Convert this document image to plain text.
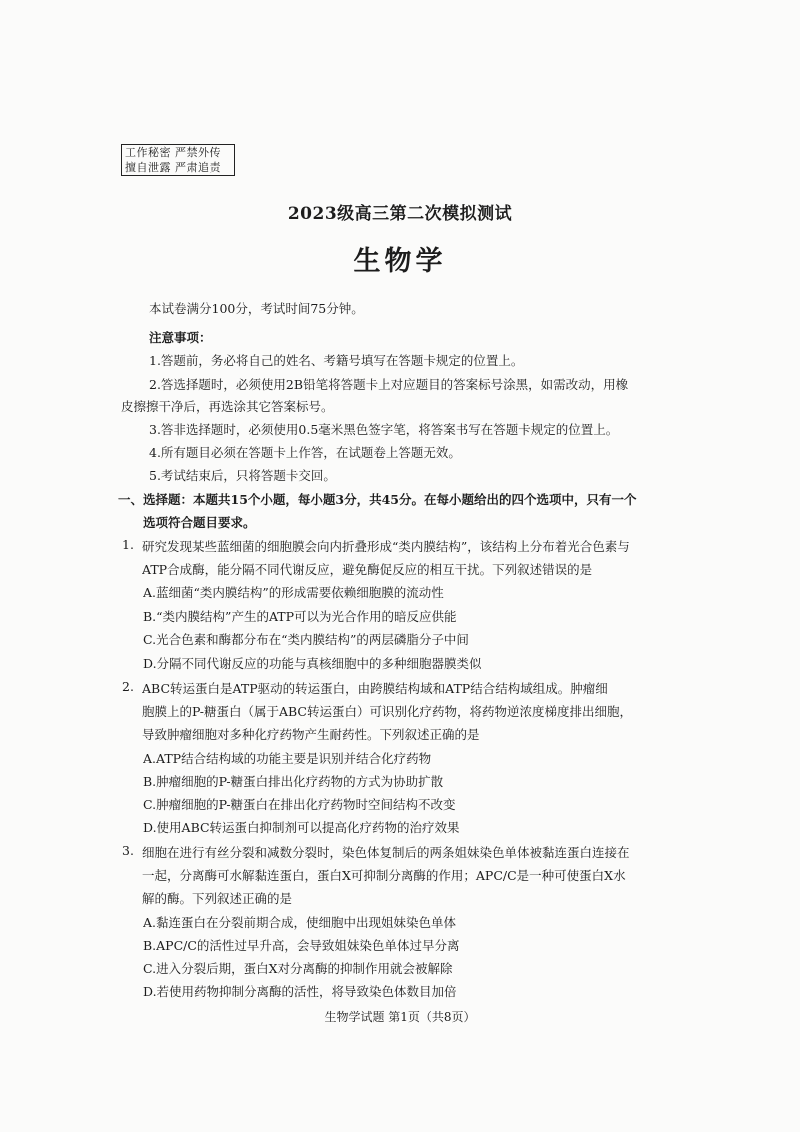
工作秘密 严禁外传
擅自泄露 严肃追责
2023级高三第二次模拟测试
生物学
本试卷满分100分，考试时间75分钟。
注意事项：
1.答题前，务必将自己的姓名、考籍号填写在答题卡规定的位置上。
2.答选择题时，必须使用2B铅笔将答题卡上对应题目的答案标号涂黑，如需改动，用橡
皮擦擦干净后，再选涂其它答案标号。
3.答非选择题时，必须使用0.5毫米黑色签字笔，将答案书写在答题卡规定的位置上。
4.所有题目必须在答题卡上作答，在试题卷上答题无效。
5.考试结束后，只将答题卡交回。
一、选择题：本题共15个小题，每小题3分，共45分。在每小题给出的四个选项中，只有一个
选项符合题目要求。
1. 研究发现某些蓝细菌的细胞膜会向内折叠形成“类内膜结构”，该结构上分布着光合色素与
ATP合成酶，能分隔不同代谢反应，避免酶促反应的相互干扰。下列叙述错误的是
A.蓝细菌“类内膜结构”的形成需要依赖细胞膜的流动性
B.“类内膜结构”产生的ATP可以为光合作用的暗反应供能
C.光合色素和酶都分布在“类内膜结构”的两层磷脂分子中间
D.分隔不同代谢反应的功能与真核细胞中的多种细胞器膜类似
2. ABC转运蛋白是ATP驱动的转运蛋白，由跨膜结构域和ATP结合结构域组成。肿瘤细
胞膜上的P-糖蛋白（属于ABC转运蛋白）可识别化疗药物，将药物逆浓度梯度排出细胞，
导致肿瘤细胞对多种化疗药物产生耐药性。下列叙述正确的是
A.ATP结合结构域的功能主要是识别并结合化疗药物
B.肿瘤细胞的P-糖蛋白排出化疗药物的方式为协助扩散
C.肿瘤细胞的P-糖蛋白在排出化疗药物时空间结构不改变
D.使用ABC转运蛋白抑制剂可以提高化疗药物的治疗效果
3. 细胞在进行有丝分裂和减数分裂时，染色体复制后的两条姐妹染色单体被黏连蛋白连接在
一起，分离酶可水解黏连蛋白，蛋白X可抑制分离酶的作用；APC/C是一种可使蛋白X水
解的酶。下列叙述正确的是
A.黏连蛋白在分裂前期合成，使细胞中出现姐妹染色单体
B.APC/C的活性过早升高，会导致姐妹染色单体过早分离
C.进入分裂后期，蛋白X对分离酶的抑制作用就会被解除
D.若使用药物抑制分离酶的活性，将导致染色体数目加倍
生物学试题 第1页（共8页）
